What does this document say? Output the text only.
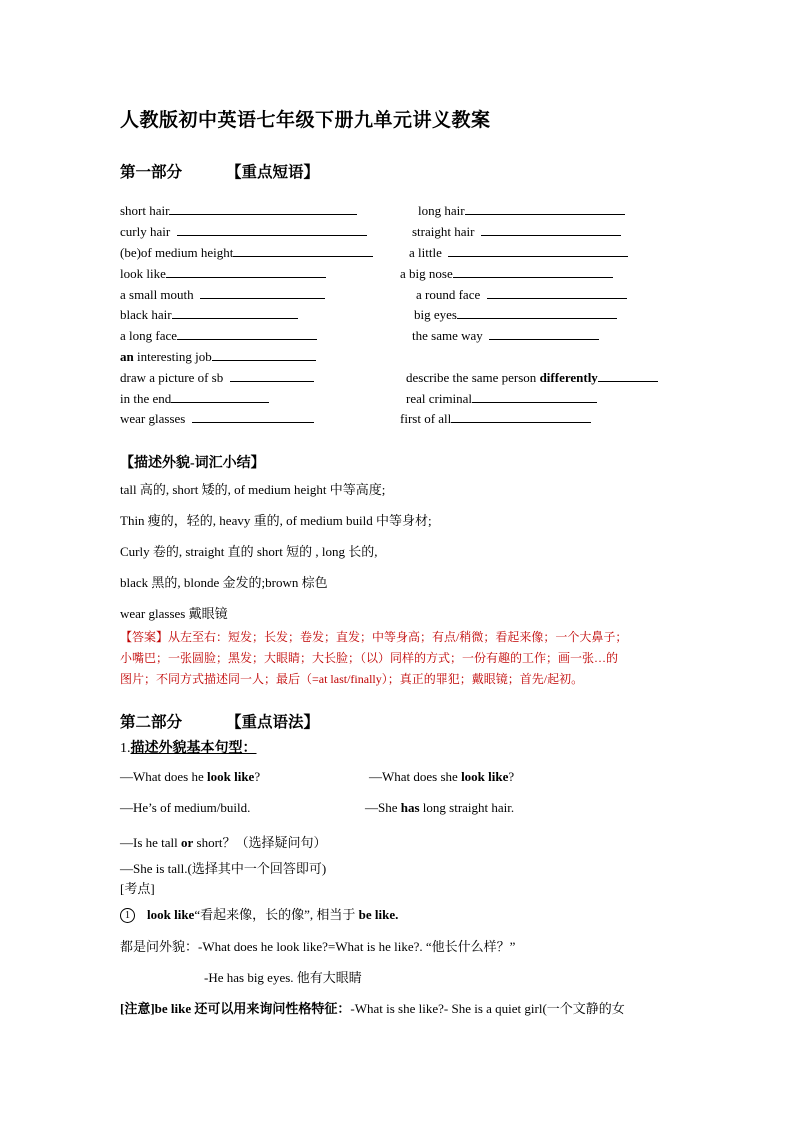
人教版初中英语七年级下册九单元讲义教案
第一部分	【重点短语】
short hair	long hair
curly hair	straight hair
(be)of medium height	a little
look like	a big nose
a small mouth	a round face
black hair	big eyes
a long face	the same way
an interesting job
draw a picture of sb	describe the same person differently
in the end	real criminal
wear glasses	first of all
【描述外貌-词汇小结】
tall 高的, short 矮的, of medium height 中等高度;
Thin 瘦的，轻的, heavy 重的, of medium build 中等身材;
Curly 卷的, straight 直的 short 短的 , long 长的,
black 黑的, blonde 金发的;brown 棕色
wear glasses 戴眼镜
【答案】从左至右：短发；长发；卷发；直发；中等身高；有点/稍微；看起来像；一个大鼻子；
小嘴巴；一张圆脸；黑发；大眼睛；大长脸；（以）同样的方式；一份有趣的工作；画一张…的
图片；不同方式描述同一人；最后（=at last/finally）；真正的罪犯；戴眼镜；首先/起初。
第二部分	【重点语法】
1.描述外貌基本句型：
—What does he look like?	—What does she look like?
—He’s of medium/build.	—She has long straight hair.
—Is he tall or short？（选择疑问句）
—She is tall.(选择其中一个回答即可)
[考点]
1 look like“看起来像，长的像”, 相当于 be like.
都是问外貌：-What does he look like?=What is he like?. “他长什么样？”
-He has big eyes. 他有大眼睛
[注意]be like 还可以用来询问性格特征：-What is she like?- She is a quiet girl(一个文静的女
